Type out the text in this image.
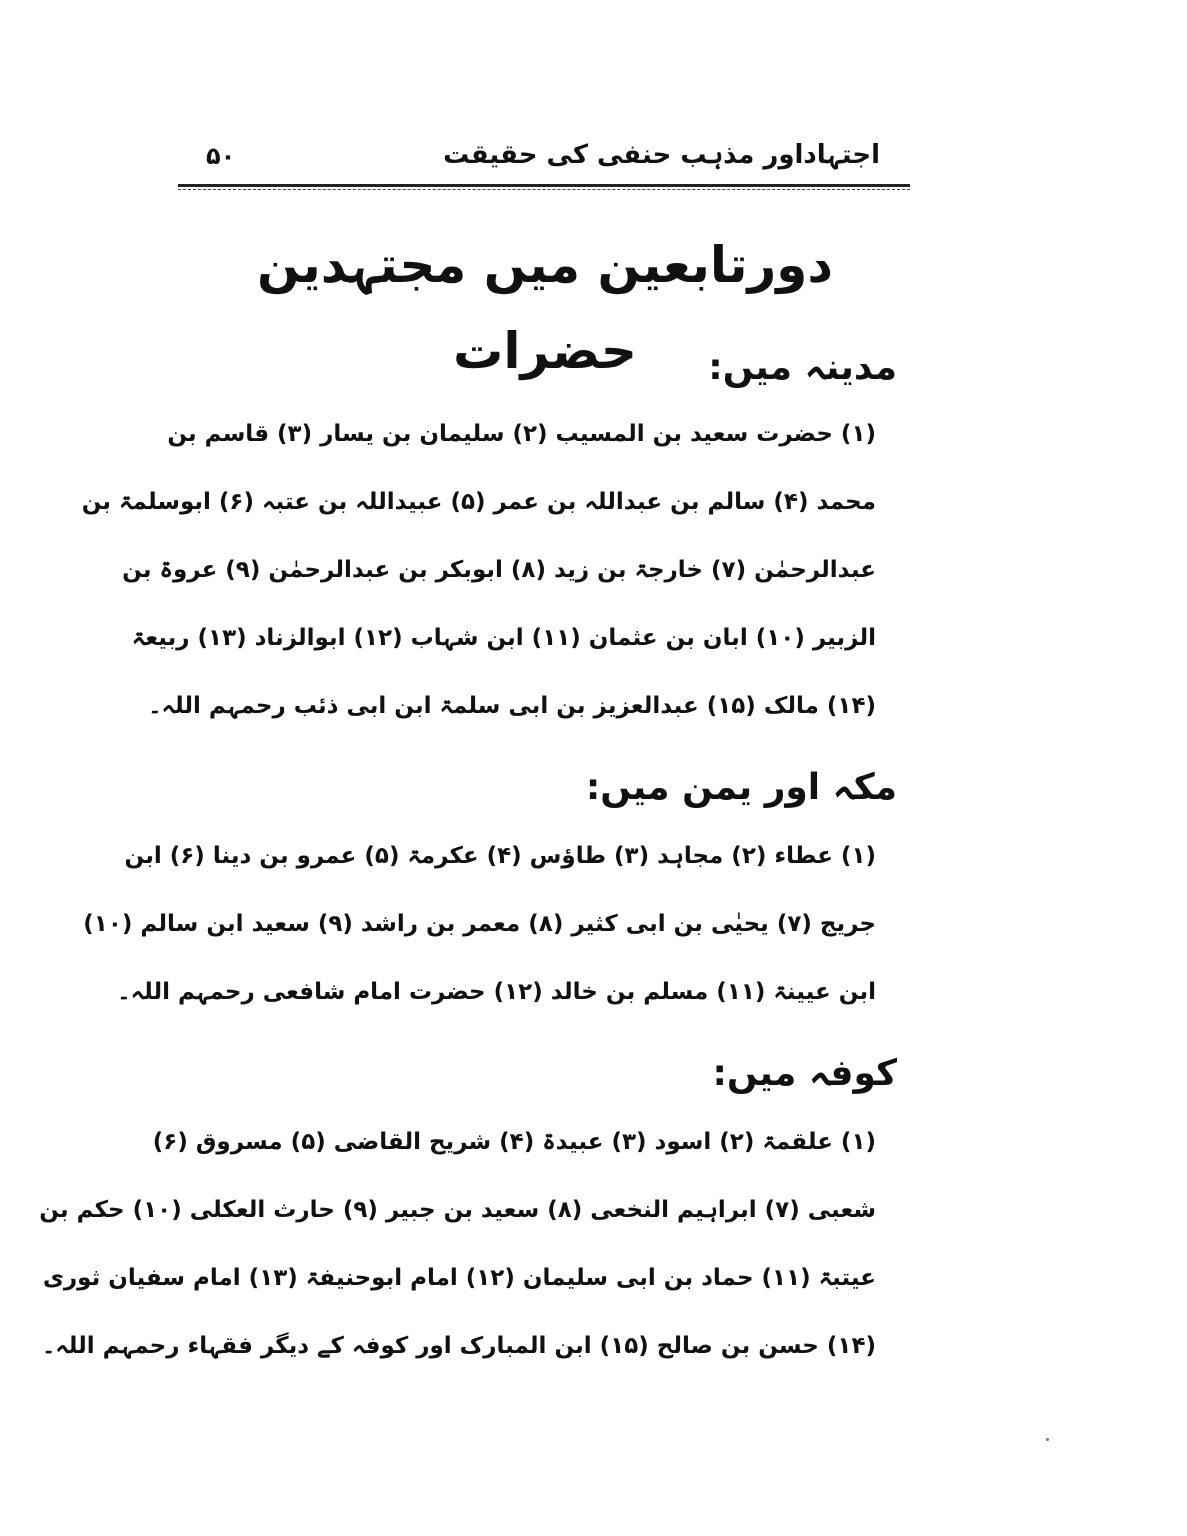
۵۰	اجتہاداور مذہب حنفی کی حقیقت
دورتابعین میں مجتہدین حضرات	مدینہ میں:
(۱) حضرت سعید بن المسیب (۲) سلیمان بن یسار (۳) قاسم بن
محمد (۴) سالم بن عبداللہ بن عمر (۵) عبیداللہ بن عتبہ (۶) ابوسلمۃ بن
عبدالرحمٰن (۷) خارجۃ بن زید (۸) ابوبکر بن عبدالرحمٰن (۹) عروۃ بن
الزبیر (۱۰) ابان بن عثمان (۱۱) ابن شہاب (۱۲) ابوالزناد (۱۳) ربیعۃ
(۱۴) مالک (۱۵) عبدالعزیز بن ابی سلمۃ ابن ابی ذئب رحمہم اللہ۔
مکہ اور یمن میں:
(۱) عطاء (۲) مجاہد (۳) طاؤس (۴) عکرمۃ (۵) عمرو بن دینا (۶) ابن
جریج (۷) یحیٰی بن ابی کثیر (۸) معمر بن راشد (۹) سعید ابن سالم (۱۰)
ابن عیینۃ (۱۱) مسلم بن خالد (۱۲) حضرت امام شافعی رحمہم اللہ۔
کوفہ میں:
(۱) علقمۃ (۲) اسود (۳) عبیدۃ (۴) شریح القاضی (۵) مسروق (۶)
شعبی (۷) ابراہیم النخعی (۸) سعید بن جبیر (۹) حارث العکلی (۱۰) حکم بن
عیتبۃ (۱۱) حماد بن ابی سلیمان (۱۲) امام ابوحنیفۃ (۱۳) امام سفیان ثوری
(۱۴) حسن بن صالح (۱۵) ابن المبارک اور کوفہ کے دیگر فقہاء رحمہم اللہ۔
